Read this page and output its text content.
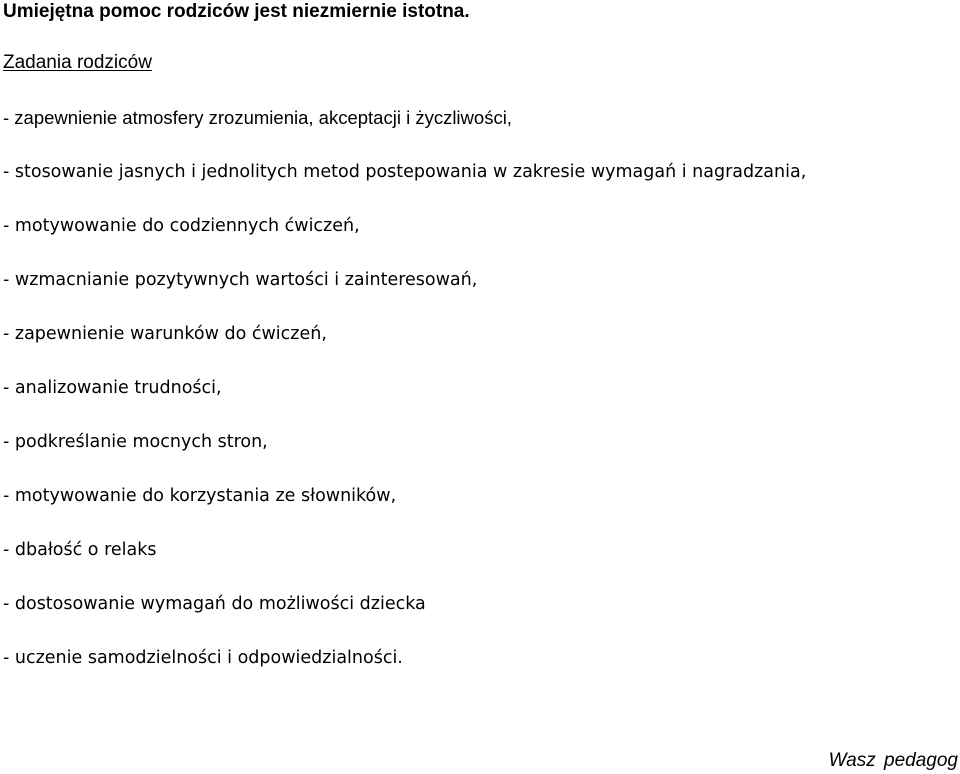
Umiejętna pomoc rodziców jest niezmiernie istotna.
Zadania rodziców
- zapewnienie atmosfery zrozumienia, akceptacji i życzliwości,
- stosowanie jasnych i jednolitych metod postepowania w zakresie wymagań i nagradzania,
- motywowanie do codziennych ćwiczeń,
- wzmacnianie pozytywnych wartości i zainteresowań,
- zapewnienie warunków do ćwiczeń,
- analizowanie trudności,
- podkreślanie mocnych stron,
- motywowanie do korzystania ze słowników,
- dbałość o relaks
- dostosowanie wymagań do możliwości dziecka
- uczenie samodzielności i odpowiedzialności.
Wasz pedagog
